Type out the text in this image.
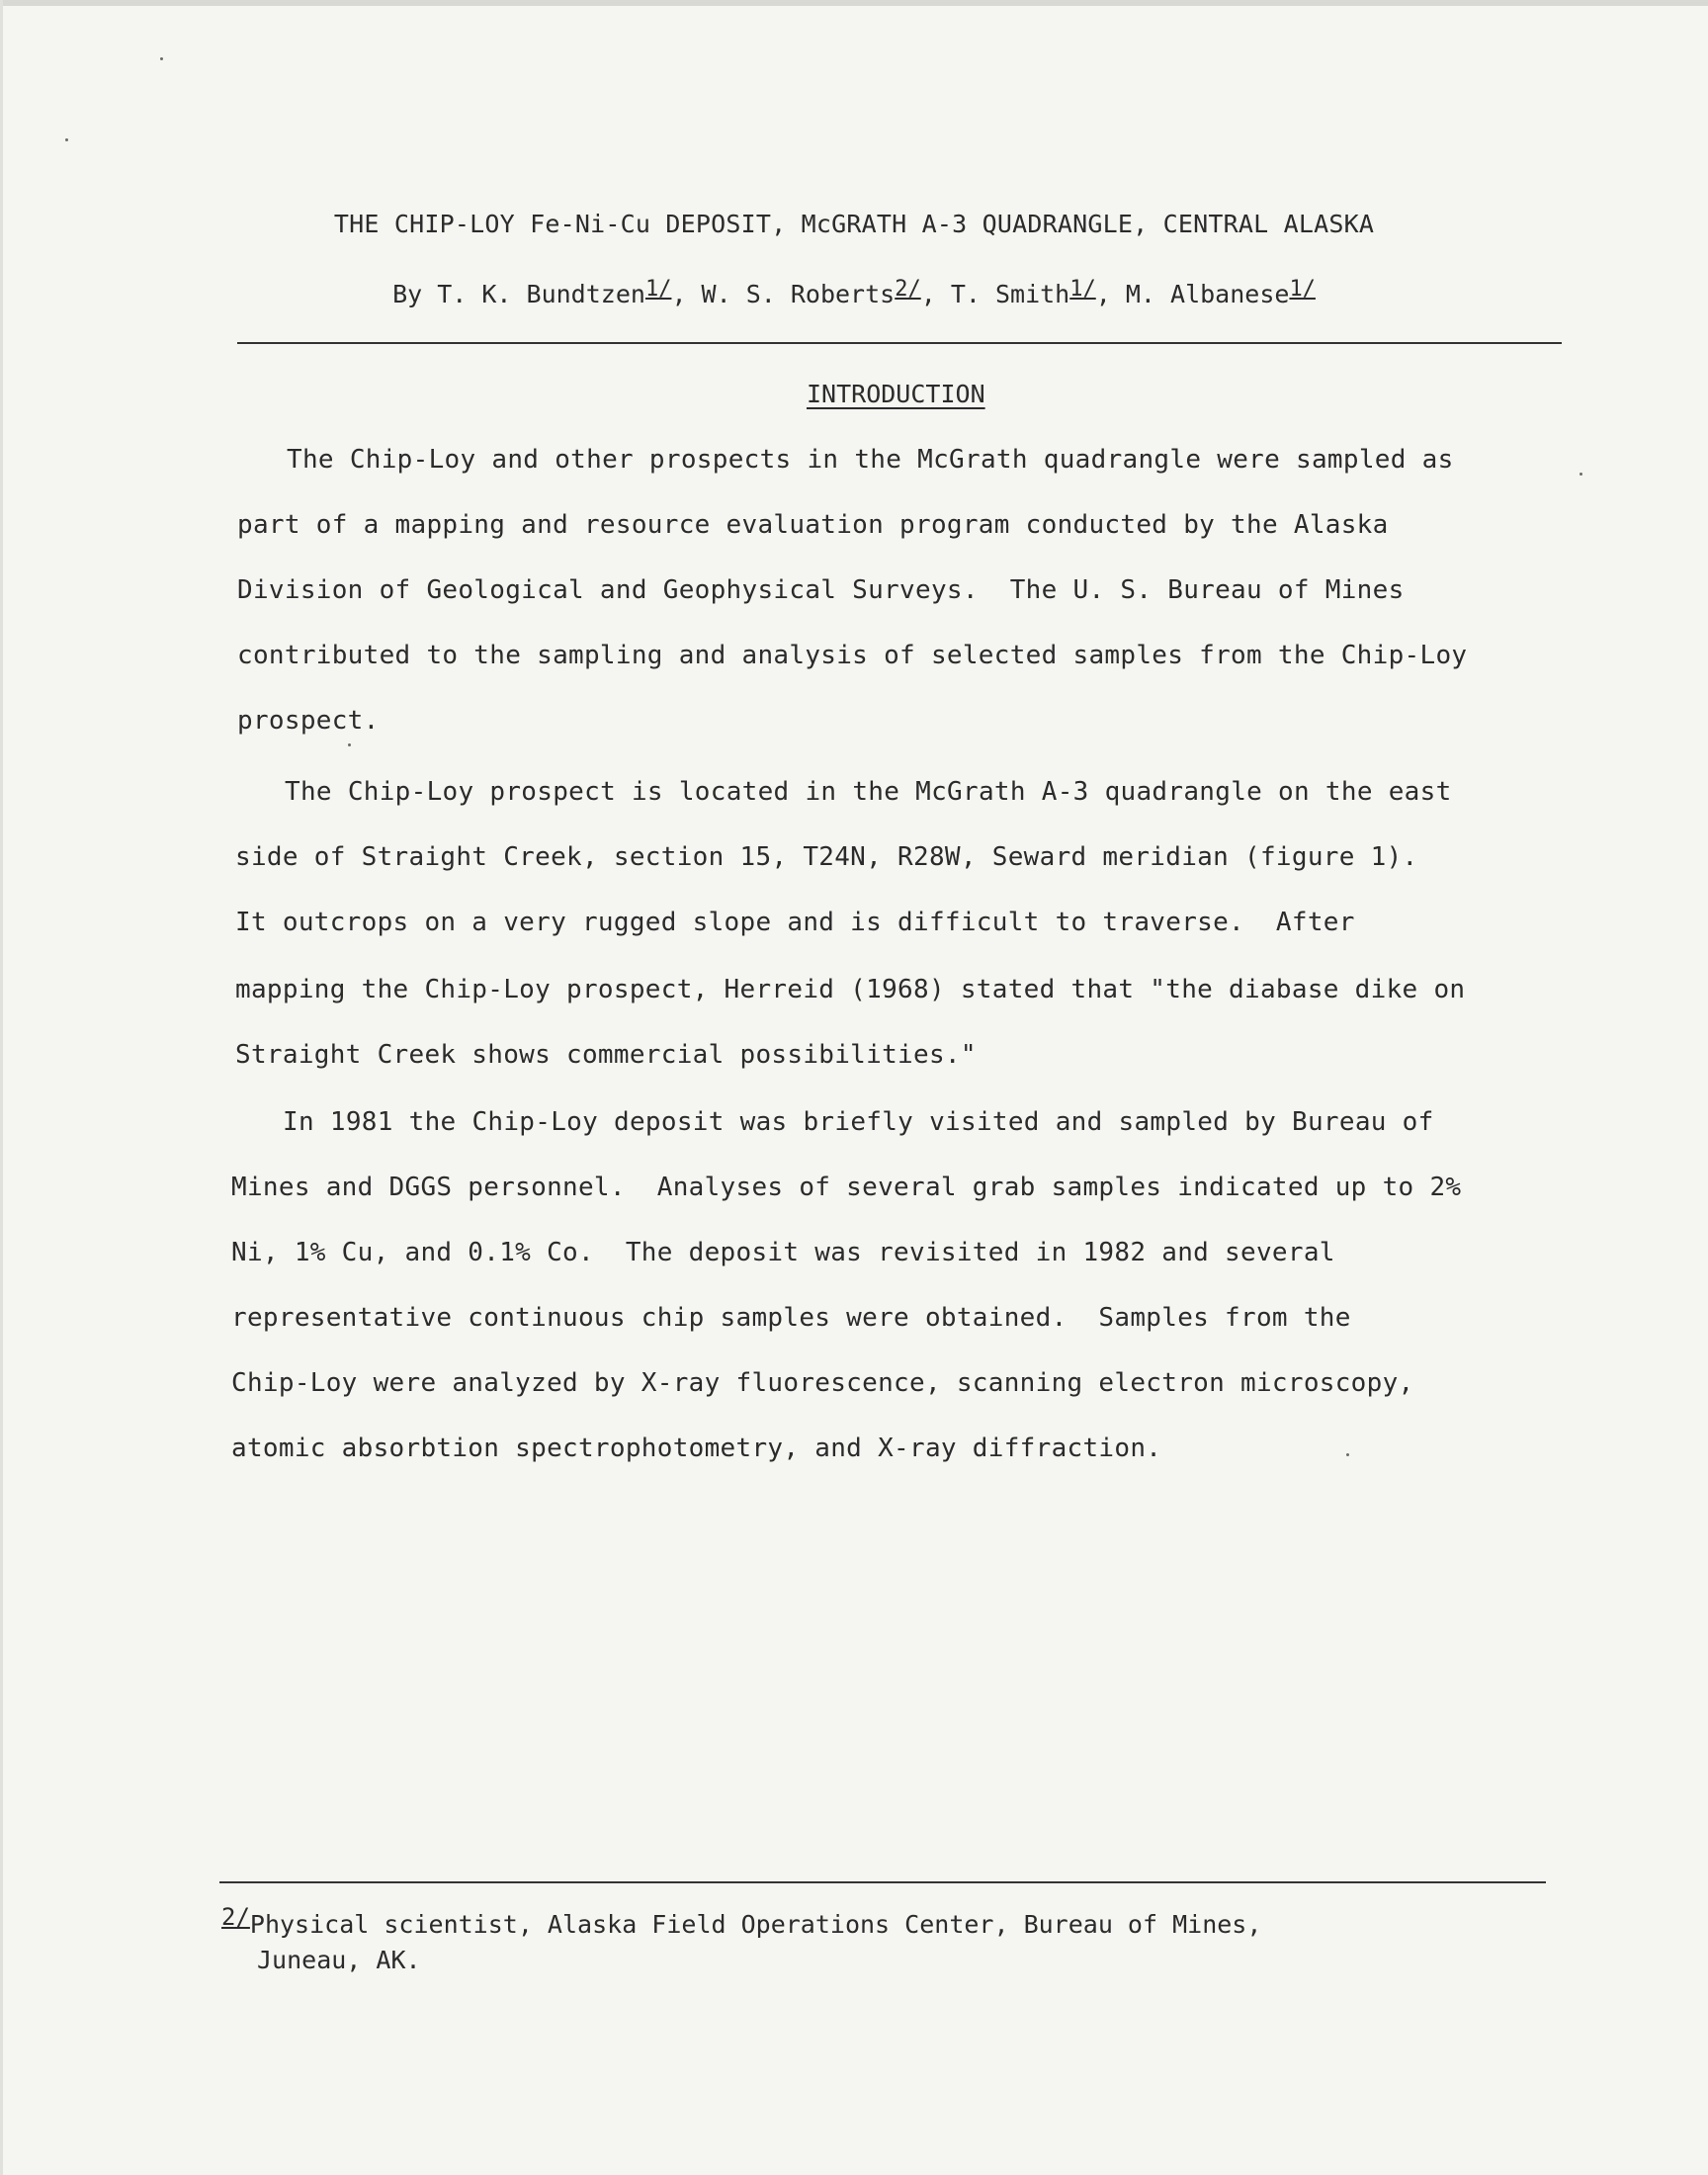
THE CHIP-LOY Fe-Ni-Cu DEPOSIT, McGRATH A-3 QUADRANGLE, CENTRAL ALASKA
By T. K. Bundtzen1/, W. S. Roberts2/, T. Smith1/, M. Albanese1/
INTRODUCTION
The Chip-Loy and other prospects in the McGrath quadrangle were sampled as
part of a mapping and resource evaluation program conducted by the Alaska
Division of Geological and Geophysical Surveys.  The U. S. Bureau of Mines
contributed to the sampling and analysis of selected samples from the Chip-Loy
prospect.
The Chip-Loy prospect is located in the McGrath A-3 quadrangle on the east
side of Straight Creek, section 15, T24N, R28W, Seward meridian (figure 1).
It outcrops on a very rugged slope and is difficult to traverse.  After
mapping the Chip-Loy prospect, Herreid (1968) stated that "the diabase dike on
Straight Creek shows commercial possibilities."
In 1981 the Chip-Loy deposit was briefly visited and sampled by Bureau of
Mines and DGGS personnel.  Analyses of several grab samples indicated up to 2%
Ni, 1% Cu, and 0.1% Co.  The deposit was revisited in 1982 and several
representative continuous chip samples were obtained.  Samples from the
Chip-Loy were analyzed by X-ray fluorescence, scanning electron microscopy,
atomic absorbtion spectrophotometry, and X-ray diffraction.
2/Physical scientist, Alaska Field Operations Center, Bureau of Mines,
Juneau, AK.
